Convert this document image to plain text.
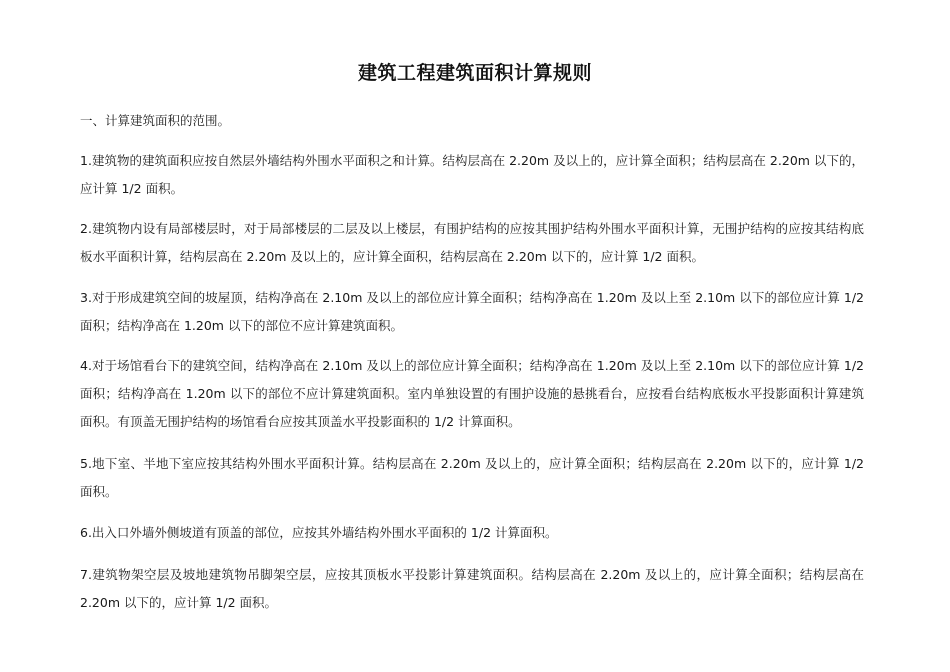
建筑工程建筑面积计算规则

一、计算建筑面积的范围。

1.建筑物的建筑面积应按自然层外墙结构外围水平面积之和计算。结构层高在 2.20m 及以上的，应计算全面积；结构层高在 2.20m 以下的，应计算 1/2 面积。

2.建筑物内设有局部楼层时，对于局部楼层的二层及以上楼层，有围护结构的应按其围护结构外围水平面积计算，无围护结构的应按其结构底板水平面积计算，结构层高在 2.20m 及以上的，应计算全面积，结构层高在 2.20m 以下的，应计算 1/2 面积。

3.对于形成建筑空间的坡屋顶，结构净高在 2.10m 及以上的部位应计算全面积；结构净高在 1.20m 及以上至 2.10m 以下的部位应计算 1/2 面积；结构净高在 1.20m 以下的部位不应计算建筑面积。

4.对于场馆看台下的建筑空间，结构净高在 2.10m 及以上的部位应计算全面积；结构净高在 1.20m 及以上至 2.10m 以下的部位应计算 1/2 面积；结构净高在 1.20m 以下的部位不应计算建筑面积。室内单独设置的有围护设施的悬挑看台，应按看台结构底板水平投影面积计算建筑面积。有顶盖无围护结构的场馆看台应按其顶盖水平投影面积的 1/2 计算面积。

5.地下室、半地下室应按其结构外围水平面积计算。结构层高在 2.20m 及以上的，应计算全面积；结构层高在 2.20m 以下的，应计算 1/2 面积。

6.出入口外墙外侧坡道有顶盖的部位，应按其外墙结构外围水平面积的 1/2 计算面积。

7.建筑物架空层及坡地建筑物吊脚架空层，应按其顶板水平投影计算建筑面积。结构层高在 2.20m 及以上的，应计算全面积；结构层高在 2.20m 以下的，应计算 1/2 面积。
